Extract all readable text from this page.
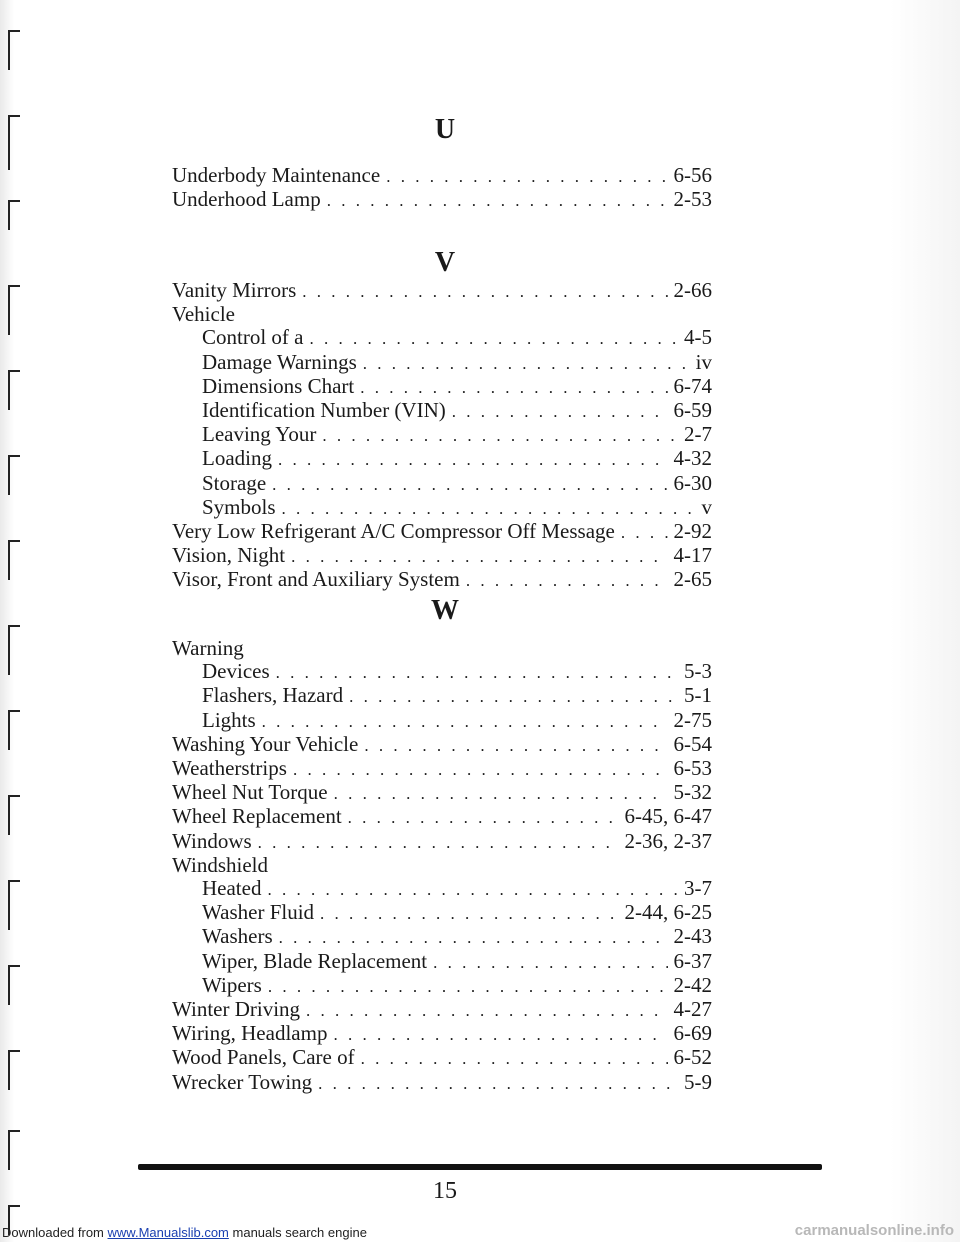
U
Underbody Maintenance . . .	6-56
Underhood Lamp . . .	2-53
V
Vanity Mirrors . . .	2-66
Vehicle
Control of a . . .	4-5
Damage Warnings . . .	iv
Dimensions Chart . . .	6-74
Identification Number (VIN) . . .	6-59
Leaving Your . . .	2-7
Loading . . .	4-32
Storage . . .	6-30
Symbols . . .	v
Very Low Refrigerant A/C Compressor Off Message . . .	2-92
Vision, Night . . .	4-17
Visor, Front and Auxiliary System . . .	2-65
W
Warning
Devices . . .	5-3
Flashers, Hazard . . .	5-1
Lights . . .	2-75
Washing Your Vehicle . . .	6-54
Weatherstrips . . .	6-53
Wheel Nut Torque . . .	5-32
Wheel Replacement . . .	6-45, 6-47
Windows . . .	2-36, 2-37
Windshield
Heated . . .	3-7
Washer Fluid . . .	2-44, 6-25
Washers . . .	2-43
Wiper, Blade Replacement . . .	6-37
Wipers . . .	2-42
Winter Driving . . .	4-27
Wiring, Headlamp . . .	6-69
Wood Panels, Care of . . .	6-52
Wrecker Towing . . .	5-9
15
Downloaded from www.Manualslib.com manuals search engine	carmanualsonline.info
